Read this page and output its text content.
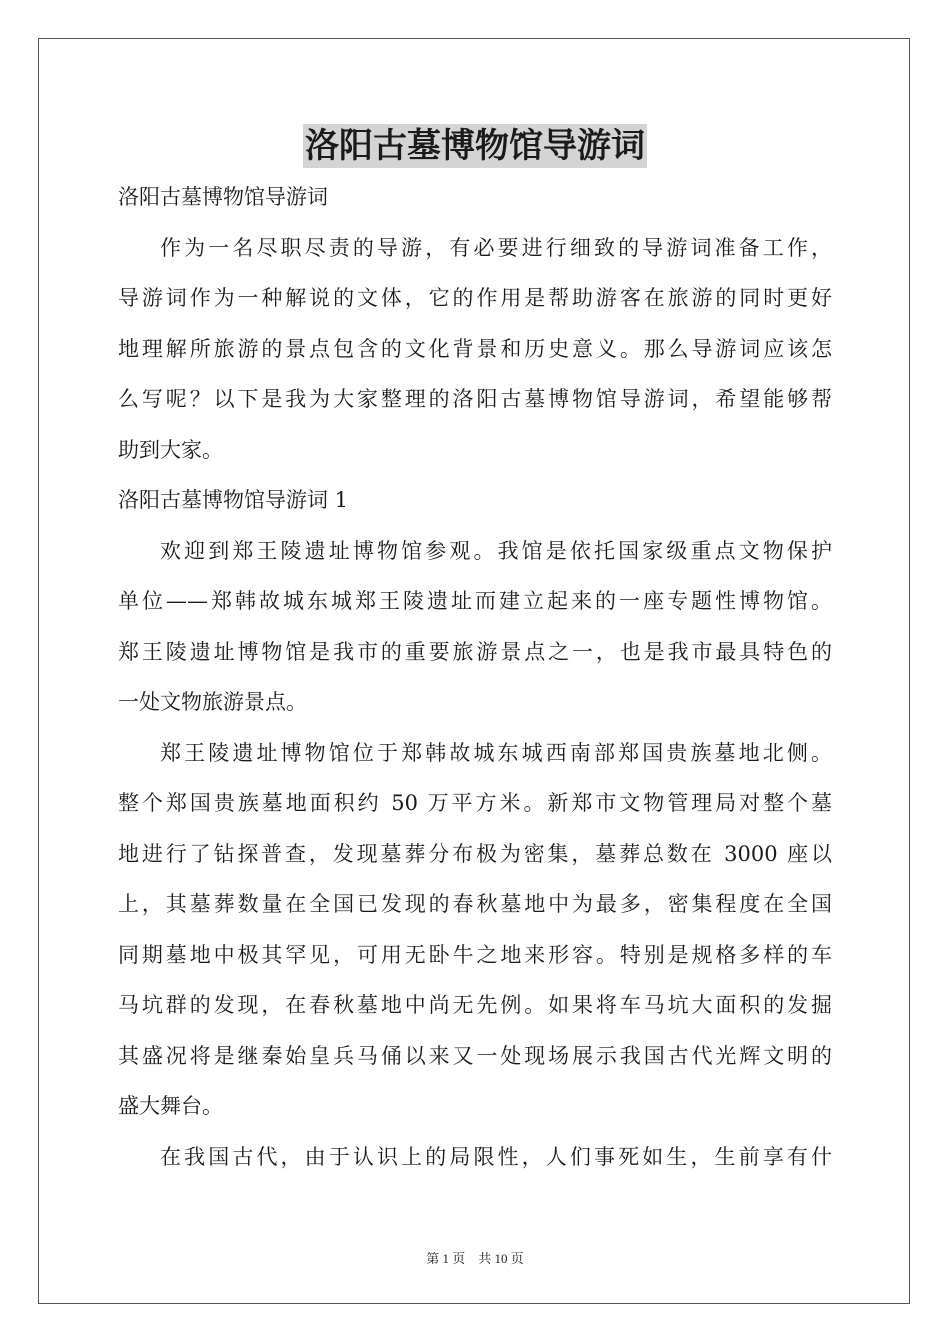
洛阳古墓博物馆导游词

洛阳古墓博物馆导游词

作为一名尽职尽责的导游，有必要进行细致的导游词准备工作，

导游词作为一种解说的文体，它的作用是帮助游客在旅游的同时更好

地理解所旅游的景点包含的文化背景和历史意义。那么导游词应该怎

么写呢？以下是我为大家整理的洛阳古墓博物馆导游词，希望能够帮

助到大家。

洛阳古墓博物馆导游词 1

欢迎到郑王陵遗址博物馆参观。我馆是依托国家级重点文物保护

单位——郑韩故城东城郑王陵遗址而建立起来的一座专题性博物馆。

郑王陵遗址博物馆是我市的重要旅游景点之一，也是我市最具特色的

一处文物旅游景点。

郑王陵遗址博物馆位于郑韩故城东城西南部郑国贵族墓地北侧。

整个郑国贵族墓地面积约 50 万平方米。新郑市文物管理局对整个墓

地进行了钻探普查，发现墓葬分布极为密集，墓葬总数在 3000 座以

上，其墓葬数量在全国已发现的春秋墓地中为最多，密集程度在全国

同期墓地中极其罕见，可用无卧牛之地来形容。特别是规格多样的车

马坑群的发现，在春秋墓地中尚无先例。如果将车马坑大面积的发掘

其盛况将是继秦始皇兵马俑以来又一处现场展示我国古代光辉文明的

盛大舞台。

在我国古代，由于认识上的局限性，人们事死如生，生前享有什

第 1 页　共 10 页
